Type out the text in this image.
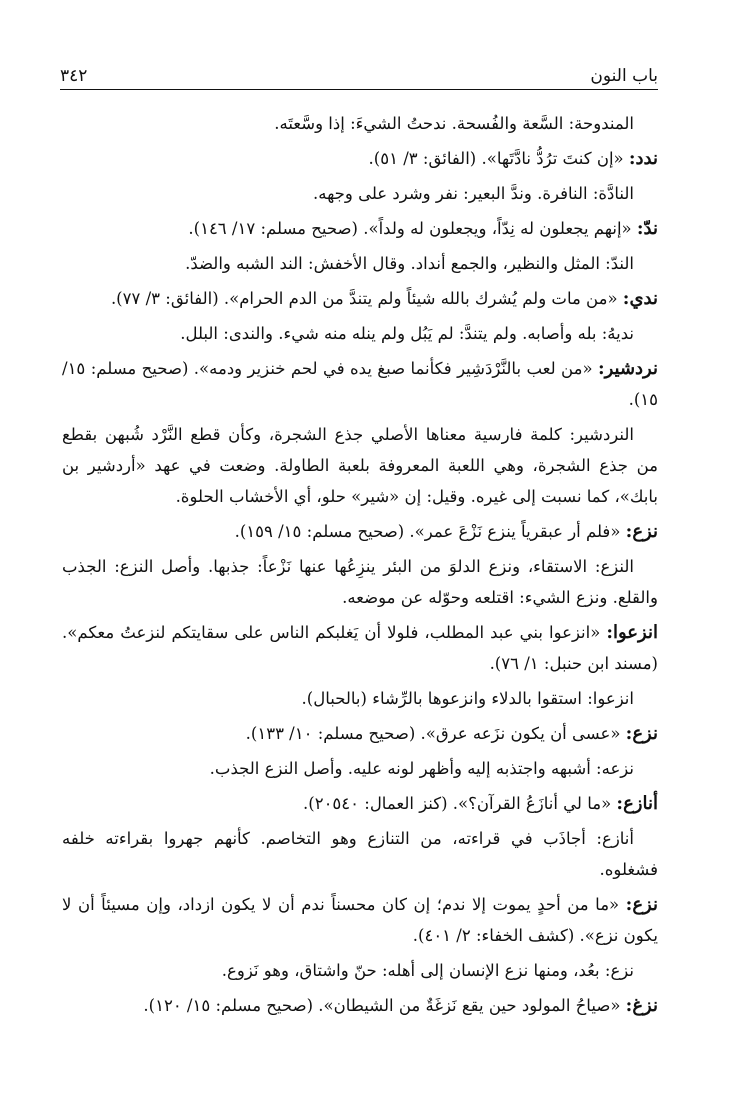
باب النون
٣٤٢

المندوحة: السَّعة والفُسحة. ندحتُ الشيءَ: إذا وسَّعتَه.

ندد: «إن كنتَ ترُدُّ نادَّتَها». (الفائق: ٣/ ٥١).

النادَّة: النافرة. وندَّ البعير: نفر وشرد على وجهه.

ندّ: «إنهم يجعلون له نِدّاً، ويجعلون له ولداً». (صحيح مسلم: ١٧/ ١٤٦).

الندّ: المثل والنظير، والجمع أنداد. وقال الأخفش: الند الشبه والضدّ.

ندي: «من مات ولم يُشرك بالله شيئاً ولم يتندَّ من الدم الحرام». (الفائق: ٣/ ٧٧).

نديهُ: بله وأصابه. ولم يتندَّ: لم يَبُل ولم ينله منه شيء. والندى: البلل.

نردشير: «من لعب بالنَّرْدَشِير فكأنما صبغ يده في لحم خنزير ودمه». (صحيح مسلم: ١٥/ ١٥).

النردشير: كلمة فارسية معناها الأصلي جذع الشجرة، وكأن قطع النَّرْد شُبهن بقطع من جذع الشجرة، وهي اللعبة المعروفة بلعبة الطاولة. وضعت في عهد «أردشير بن بابك»، كما نسبت إلى غيره. وقيل: إن «شير» حلو، أي الأخشاب الحلوة.

نزع: «فلم أر عبقرياً ينزع نَزْعَ عمر». (صحيح مسلم: ١٥/ ١٥٩).

النزع: الاستقاء، ونزع الدلوَ من البئر ينزِعُها عنها نَزْعاً: جذبها. وأصل النزع: الجذب والقلع. ونزع الشيء: اقتلعه وحوّله عن موضعه.

انزعوا: «انزعوا بني عبد المطلب، فلولا أن يَغلبكم الناس على سقايتكم لنزعتُ معكم». (مسند ابن حنبل: ١/ ٧٦).

انزعوا: استقوا بالدلاء وانزعوها بالرِّشاء (بالحبال).

نزع: «عسى أن يكون نزَعه عرق». (صحيح مسلم: ١٠/ ١٣٣).

نزعه: أشبهه واجتذبه إليه وأظهر لونه عليه. وأصل النزع الجذب.

أنازع: «ما لي أنازَعُ القرآن؟». (كنز العمال: ٢٠٥٤٠).

أنازع: أجاذَب في قراءته، من التنازع وهو التخاصم. كأنهم جهروا بقراءته خلفه فشغلوه.

نزع: «ما من أحدٍ يموت إلا ندم؛ إن كان محسناً ندم أن لا يكون ازداد، وإن مسيئاً أن لا يكون نزع». (كشف الخفاء: ٢/ ٤٠١).

نزع: بعُد، ومنها نزع الإنسان إلى أهله: حنّ واشتاق، وهو نَزوع.

نزغ: «صياحُ المولود حين يقع نَزغَةٌ من الشيطان». (صحيح مسلم: ١٥/ ١٢٠).
